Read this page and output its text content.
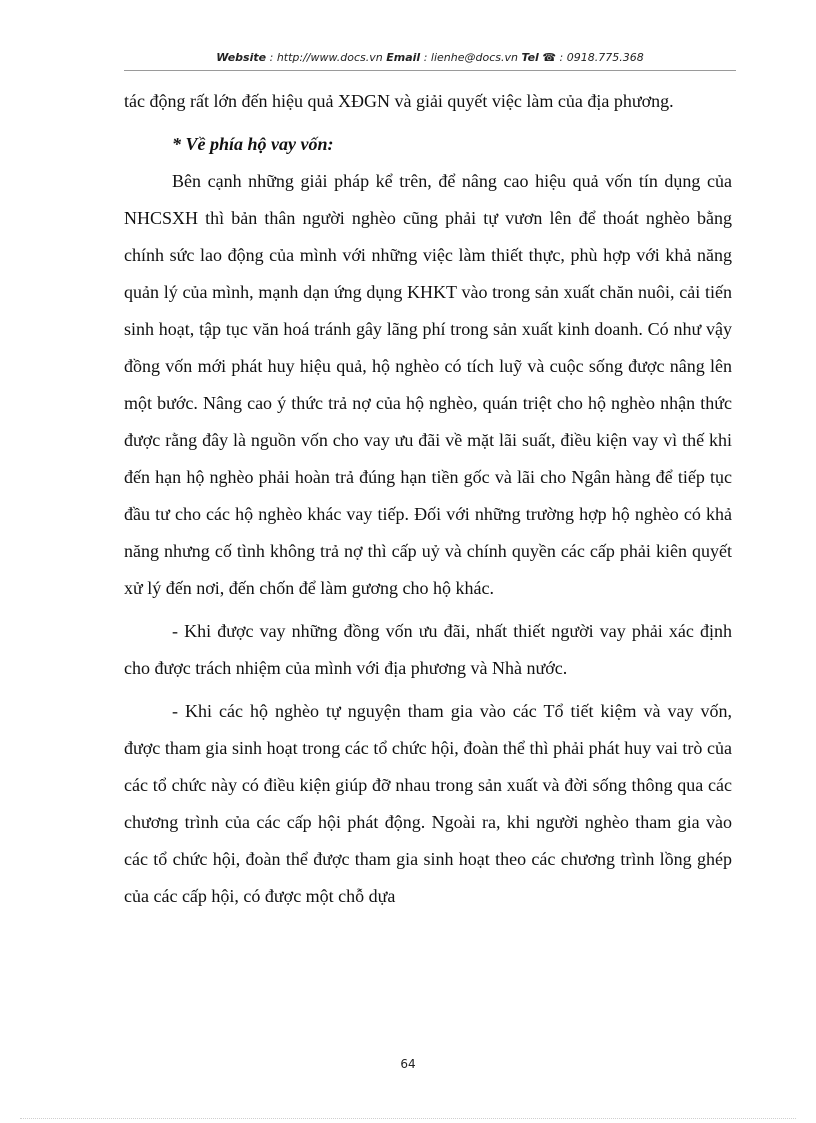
Website : http://www.docs.vn Email : lienhe@docs.vn Tel ☎ : 0918.775.368

tác động rất lớn đến hiệu quả XĐGN và giải quyết việc làm của địa phương.

* Về phía hộ vay vốn:

Bên cạnh những giải pháp kể trên, để nâng cao hiệu quả vốn tín dụng của NHCSXH thì bản thân người nghèo cũng phải tự vươn lên để thoát nghèo bằng chính sức lao động của mình với những việc làm thiết thực, phù hợp với khả năng quản lý của mình, mạnh dạn ứng dụng KHKT vào trong sản xuất chăn nuôi, cải tiến sinh hoạt, tập tục văn hoá tránh gây lãng phí trong sản xuất kinh doanh. Có như vậy đồng vốn mới phát huy hiệu quả, hộ nghèo có tích luỹ và cuộc sống được nâng lên một bước. Nâng cao ý thức trả nợ của hộ nghèo, quán triệt cho hộ nghèo nhận thức được rằng đây là nguồn vốn cho vay ưu đãi về mặt lãi suất, điều kiện vay vì thế khi đến hạn hộ nghèo phải hoàn trả đúng hạn tiền gốc và lãi cho Ngân hàng để tiếp tục đầu tư cho các hộ nghèo khác vay tiếp. Đối với những trường hợp hộ nghèo có khả năng nhưng cố tình không trả nợ thì cấp uỷ và chính quyền các cấp phải kiên quyết xử lý đến nơi, đến chốn để làm gương cho hộ khác.

- Khi được vay những đồng vốn ưu đãi, nhất thiết người vay phải xác định cho được trách nhiệm của mình với địa phương và Nhà nước.

- Khi các hộ nghèo tự nguyện tham gia vào các Tổ tiết kiệm và vay vốn, được tham gia sinh hoạt trong các tổ chức hội, đoàn thể thì phải phát huy vai trò của các tổ chức này có điều kiện giúp đỡ nhau trong sản xuất và đời sống thông qua các chương trình của các cấp hội phát động. Ngoài ra, khi người nghèo tham gia vào các tổ chức hội, đoàn thể được tham gia sinh hoạt theo các chương trình lồng ghép của các cấp hội, có được một chỗ dựa

64
